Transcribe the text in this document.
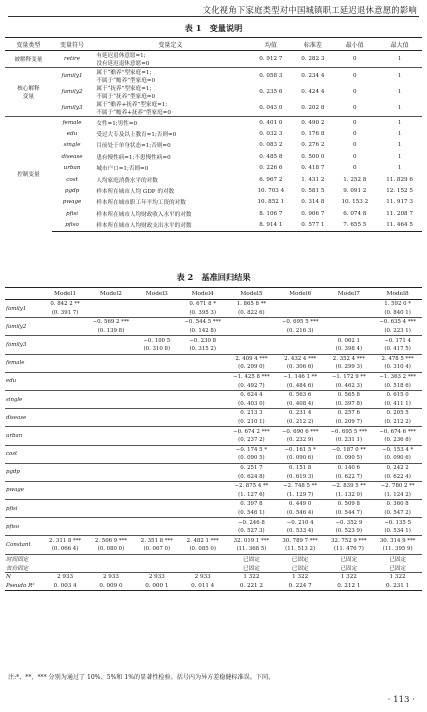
文化视角下家庭类型对中国城镇职工延迟退休意愿的影响
表 1　变量说明
变量类型	变量符号	变量定义	均值	标准差	最小值	最大值
被解释变量	retire	有延迟退休意愿=1;
没有延迟退休意愿=0	0. 912 7	0. 282 3	0	1
核心解释
变量	family1	属于“赡养”型家庭=1;
不属于“赡养”型家庭=0	0. 058 3	0. 234 4	0	1
	family2	属于“抚养”型家庭=1;
不属于“抚养”型家庭=0	0. 235 6	0. 424 4	0	1
	family3	属于“赡养+抚养”型家庭=1;
不属于“赡养+抚养”型家庭=0	0. 043 0	0. 202 8	0	1
控制变量	female	女性=1;男性=0	0. 401 0	0. 490 2	0	1
	edu	受过大专及以上教育=1;否则=0	0. 032 3	0. 176 8	0	1
	single	目前处于单身状态=1;否则=0	0. 083 2	0. 276 2	0	1
	disease	患有慢性病=1;不患慢性病=0	0. 485 8	0. 500 0	0	1
	urban	城市户口=1;否则=0	0. 226 6	0. 418 7	0	1
	cost	人均家庭消费水平的对数	6. 967 2	1. 431 2	1. 252 8	11. 829 6
	pgdp	样本所在城市人均 GDP 的对数	10. 703 4	0. 581 5	9. 091 2	12. 152 5
	pwage	样本所在城市职工年平均工资的对数	10. 852 1	0. 314 8	10. 153 2	11. 917 3
	pfisi	样本所在城市人均财政收入水平的对数	8. 106 7	0. 906 7	6. 074 8	11. 208 7
	pfiso	样本所在城市人均财政支出水平的对数	8. 914 1	0. 577 1	7. 655 5	11. 464 5
表 2　基准回归结果
	Model1	Model2	Model3	Model4	Model5	Model6	Model7	Model8
family1	0. 842 2 **			0. 671 8 *	1. 865 8 **			1. 592 0 *
	(0. 391 7)			(0. 395 3)	(0. 822 6)			(0. 840 1)
family2		−0. 569 2 ***		−0. 544 5 ***		−0. 695 5 ***		−0. 635 4 ***
		(0. 139 8)		(0. 142 8)		(0. 216 3)		(0. 223 1)
family3			−0. 100 5	−0. 230 8			0. 062 1	−0. 171 4
			(0. 310 8)	(0. 315 2)			(0. 398 4)	(0. 417 5)
female					2. 409 4 ***	2. 432 4 ***	2. 352 4 ***	2. 478 5 ***
					(0. 299 0)	(0. 306 6)	(0. 299 3)	(0. 310 4)
edu					−1. 425 8 ***	−1. 146 1 **	−1. 172 9 **	−1. 363 2 ***
					(0. 492 7)	(0. 484 6)	(0. 462 3)	(0. 518 6)
single					0. 624 4	0. 563 6	0. 565 8	0. 615 0
					(0. 403 0)	(0. 408 4)	(0. 397 8)	(0. 411 1)
disease					0. 213 3	0. 231 4	0. 257 6	0. 205 5
					(0. 210 1)	(0. 212 2)	(0. 209 7)	(0. 212 2)
urban					−0. 674 2 ***	−0. 690 6 ***	−0. 695 5 ***	−0. 674 6 ***
					(0. 237 2)	(0. 232 9)	(0. 231 1)	(0. 236 8)
cost					−0. 174 5 *	−0. 161 5 *	−0. 187 0 **	−0. 153 4 *
					(0. 090 5)	(0. 090 6)	(0. 090 5)	(0. 090 6)
pgdp					0. 251 7	0. 151 8	0. 140 6	0. 242 2
					(0. 624 8)	(0. 619 3)	(0. 622 7)	(0. 622 4)
pwage					−2. 875 4 **	−2. 748 5 **	−2. 839 5 **	−2. 780 2 **
					(1. 127 6)	(1. 129 7)	(1. 132 0)	(1. 124 2)
pfisi					0. 397 8	0. 449 0	0. 509 8	0. 360 8
					(0. 546 1)	(0. 546 4)	(0. 544 7)	(0. 547 2)
pfiso					−0. 246 8	−0. 210 4	−0. 352 9	−0. 135 5
					(0. 527 3)	(0. 533 4)	(0. 523 9)	(0. 534 1)
Constant	2. 311 8 ***	2. 506 9 ***	2. 351 8 ***	2. 482 1 ***	32. 019 1 ***	30. 789 7 ***	32. 752 9 ***	30. 314 9 ***
	(0. 066 4)	(0. 080 0)	(0. 067 0)	(0. 085 0)	(11. 368 5)	(11. 513 2)	(11. 476 7)	(11. 395 9)
时间固定					已固定	已固定	已固定	已固定
省份固定					已固定	已固定	已固定	已固定
N	2 933	2 933	2 933	2 933	1 322	1 322	1 322	1 322
Pseudo R²	0. 003 4	0. 009 0	0. 000 1	0. 011 4	0. 221 2	0. 224 7	0. 212 1	0. 231 1
注:*、**、*** 分别为通过了 10%、5%和 1%的显著性检验。括号内为异方差稳健标准误。下同。
· 113 ·
